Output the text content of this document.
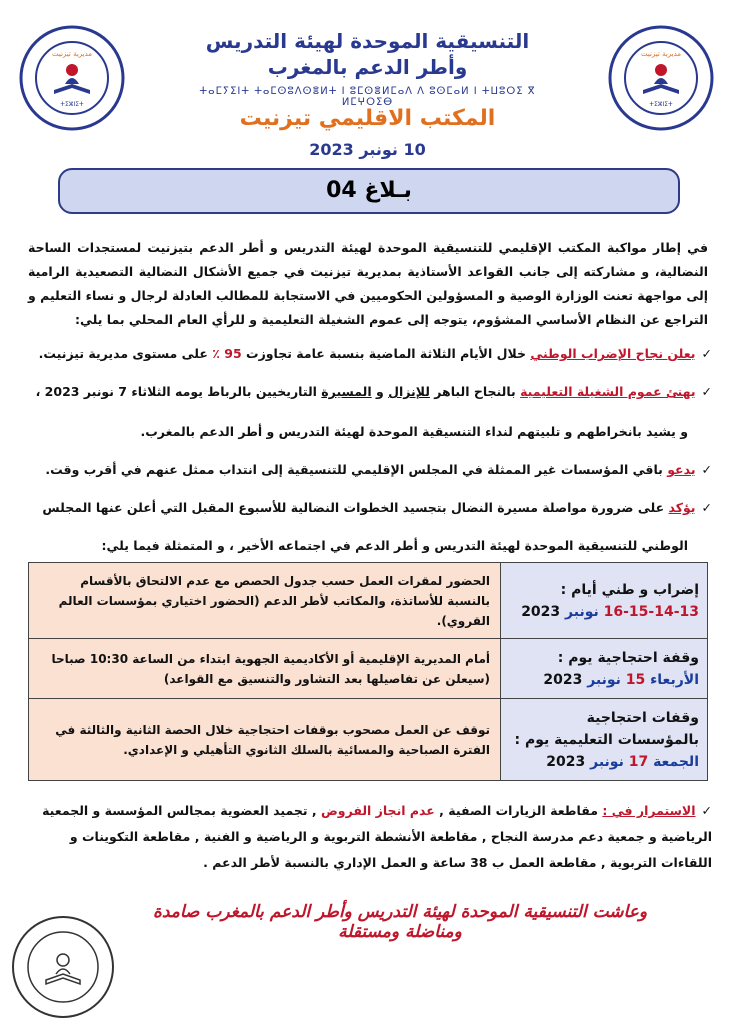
مديرية تيزنيت
ⵜⵉⵣⵏⵉⵜ
مديرية تيزنيت
ⵜⵉⵣⵏⵉⵜ
التنسيقية الموحدة لهيئة التدريس
وأطر الدعم بالمغرب
ⵜⴰⵎⵢⵉⵏⵜ ⵜⴰⵎⵙⵓⴷⵙⴻⵍⵜ ⵏ ⵓⵎⵙⴻⵍⵎⴰⴷ ⴷ ⵓⵙⵎⴰⵍ ⵏ ⵜⵡⵓⵔⵉ ⴳ ⵍⵎⵖⵔⵉⴱ
المكتب الاقليمي تيزنيت
10 نونبر 2023
بـلاغ 04
في إطار مواكبة المكتب الإقليمي للتنسيقية الموحدة لهيئة التدريس و أطر الدعم بتيزنيت لمستجدات الساحة النضالية، و مشاركته إلى جانب القواعد الأستاذية بمديرية تيزنيت في جميع الأشكال النضالية التصعيدية الرامية إلى مواجهة تعنت الوزارة الوصية و المسؤولين الحكوميين في الاستجابة للمطالب العادلة لرجال و نساء التعليم و التراجع عن النظام الأساسي المشؤوم، يتوجه إلى عموم الشغيلة التعليمية و للرأي العام المحلي بما يلي:
✓يعلن نجاح الإضراب الوطني خلال الأيام الثلاثة الماضية بنسبة عامة تجاوزت 95 ٪ على مستوى مديرية تيزنيت.
✓يهنئ عموم الشغيلة التعليمية بالنجاح الباهر للإنزال و المسيرة التاريخيين بالرباط يومه الثلاثاء 7 نونبر 2023 ،
و يشيد بانخراطهم و تلبيتهم لنداء التنسيقية الموحدة لهيئة التدريس و أطر الدعم بالمغرب.
✓يدعو باقي المؤسسات غير الممثلة في المجلس الإقليمي للتنسيقية إلى انتداب ممثل عنهم في أقرب وقت.
✓يؤكد على ضرورة مواصلة مسيرة النضال بتجسيد الخطوات النضالية للأسبوع المقبل التي أعلن عنها المجلس
الوطني للتنسيقية الموحدة لهيئة التدريس و أطر الدعم في اجتماعه الأخير ، و المتمثلة فيما يلي:
إضراب و طني أيام :
16-15-14-13 نونبر 2023	الحضور لمقرات العمل حسب جدول الحصص مع عدم الالتحاق بالأقسام بالنسبة للأساتذة، والمكاتب لأطر الدعم (الحضور اختياري بمؤسسات العالم القروي).

وقفة احتجاجية يوم :
الأربعاء 15 نونبر 2023	أمام المديرية الإقليمية أو الأكاديمية الجهوية ابتداء من الساعة 10:30 صباحا (سيعلن عن تفاصيلها بعد التشاور والتنسيق مع القواعد)

وقفات احتجاجية
بالمؤسسات التعليمية يوم :
الجمعة 17 نونبر 2023	توقف عن العمل مصحوب بوقفات احتجاجية خلال الحصة الثانية والثالثة في الفترة الصباحية والمسائية بالسلك الثانوي التأهيلي و الإعدادي.
✓الاستمرار في : مقاطعة الزيارات الصفية , عدم انجاز الفروض , تجميد العضوية بمجالس المؤسسة و الجمعية الرياضية و جمعية دعم مدرسة النجاح , مقاطعة الأنشطة التربوية و الرياضية و الفنية , مقاطعة التكوينات و اللقاءات التربوية , مقاطعة العمل ب 38 ساعة و العمل الإداري بالنسبة لأطر الدعم .
وعاشت التنسيقية الموحدة لهيئة التدريس وأطر الدعم بالمغرب صامدة ومناضلة ومستقلة
